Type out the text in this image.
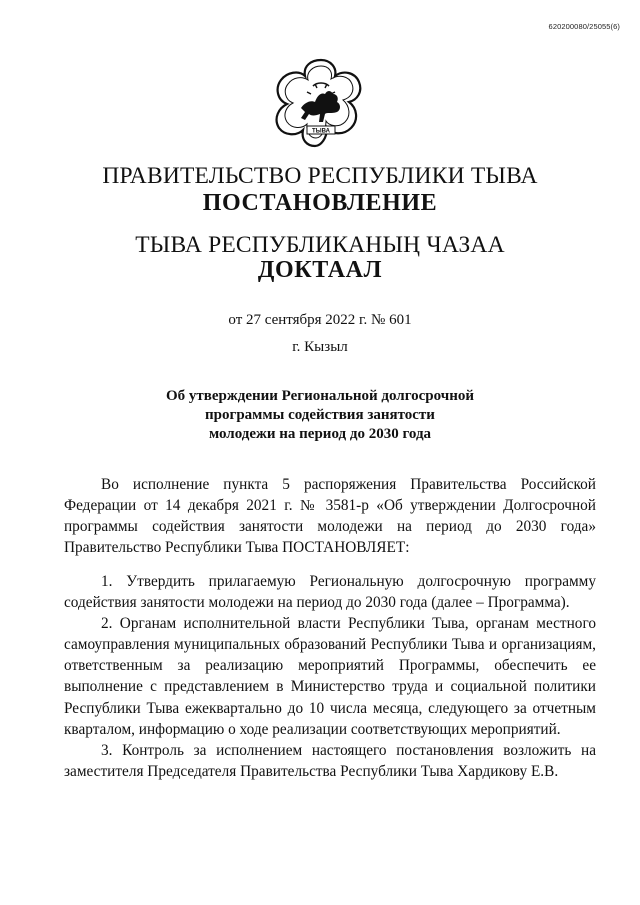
620200080/25055(6)
ТЫВА
ПРАВИТЕЛЬСТВО РЕСПУБЛИКИ ТЫВА
ПОСТАНОВЛЕНИЕ
ТЫВА РЕСПУБЛИКАНЫҢ ЧАЗАА
ДОКТААЛ
от 27 сентября 2022 г. № 601
г. Кызыл
Об утверждении Региональной долгосрочной
программы содействия занятости
молодежи на период до 2030 года

Во исполнение пункта 5 распоряжения Правительства Российской Федерации от 14 декабря 2021 г. № 3581-р «Об утверждении Долгосрочной программы содействия занятости молодежи на период до 2030 года» Правительство Республики Тыва ПОСТАНОВЛЯЕТ:

1. Утвердить прилагаемую Региональную долгосрочную программу содействия занятости молодежи на период до 2030 года (далее – Программа).

2. Органам исполнительной власти Республики Тыва, органам местного самоуправления муниципальных образований Республики Тыва и организациям, ответственным за реализацию мероприятий Программы, обеспечить ее выполнение с представлением в Министерство труда и социальной политики Республики Тыва ежеквартально до 10 числа месяца, следующего за отчетным кварталом, информацию о ходе реализации соответствующих мероприятий.

3. Контроль за исполнением настоящего постановления возложить на заместителя Председателя Правительства Республики Тыва Хардикову Е.В.
